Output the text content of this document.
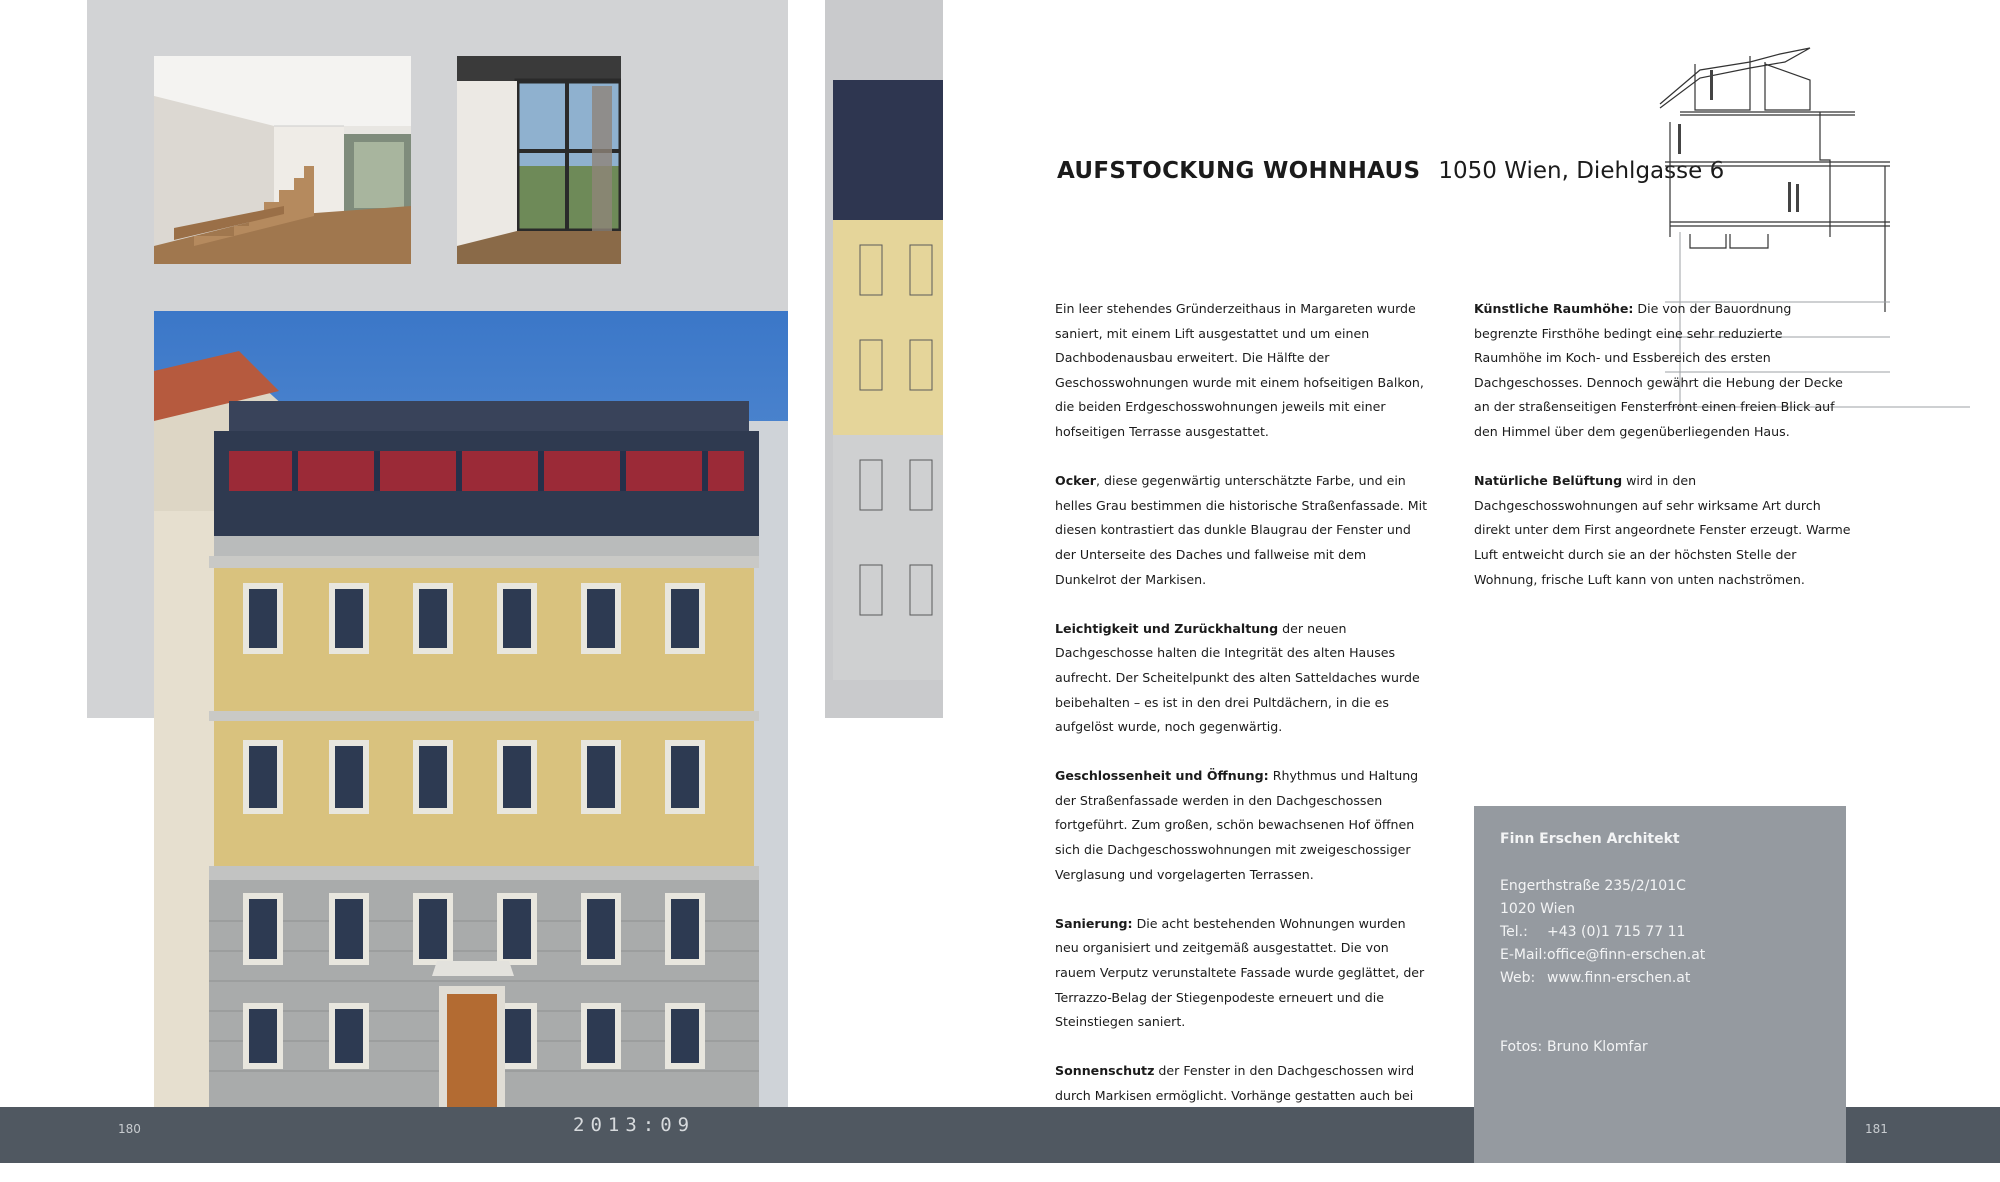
AUFSTOCKUNG WOHNHAUS 1050 Wien, Diehlgasse 6

Ein leer stehendes Gründerzeithaus in Margareten wurde saniert, mit einem Lift ausgestattet und um einen Dachbodenausbau erweitert. Die Hälfte der Geschosswohnungen wurde mit einem hofseitigen Balkon, die beiden Erdgeschosswohnungen jeweils mit einer hofseitigen Terrasse ausgestattet.

Ocker, diese gegenwärtig unterschätzte Farbe, und ein helles Grau bestimmen die historische Straßenfassade. Mit diesen kontrastiert das dunkle Blaugrau der Fenster und der Unterseite des Daches und fallweise mit dem Dunkelrot der Markisen.

Leichtigkeit und Zurückhaltung der neuen Dachgeschosse halten die Integrität des alten Hauses aufrecht. Der Scheitelpunkt des alten Satteldaches wurde beibehalten – es ist in den drei Pultdächern, in die es aufgelöst wurde, noch gegenwärtig.

Geschlossenheit und Öffnung: Rhythmus und Haltung der Straßenfassade werden in den Dachgeschossen fortgeführt. Zum großen, schön bewachsenen Hof öffnen sich die Dachgeschosswohnungen mit zweigeschossiger Verglasung und vorgelagerten Terrassen.

Sanierung: Die acht bestehenden Wohnungen wurden neu organisiert und zeitgemäß ausgestattet. Die von rauem Verputz verunstaltete Fassade wurde geglättet, der Terrazzo-Belag der Stiegenpodeste erneuert und die Steinstiegen saniert.

Sonnenschutz der Fenster in den Dachgeschossen wird durch Markisen ermöglicht. Vorhänge gestatten auch bei

Künstliche Raumhöhe: Die von der Bauordnung begrenzte Firsthöhe bedingt eine sehr reduzierte Raumhöhe im Koch- und Essbereich des ersten Dachgeschosses. Dennoch gewährt die Hebung der Decke an der straßenseitigen Fensterfront einen freien Blick auf den Himmel über dem gegenüberliegenden Haus.

Natürliche Belüftung wird in den Dachgeschosswohnungen auf sehr wirksame Art durch direkt unter dem First angeordnete Fenster erzeugt. Warme Luft entweicht durch sie an der höchsten Stelle der Wohnung, frische Luft kann von unten nachströmen.

Finn Erschen Architekt
Engerthstraße 235/2/101C
1020 Wien
Tel.: +43 (0)1 715 77 11
E-Mail:office@finn-erschen.at
Web: www.finn-erschen.at
Fotos: Bruno Klomfar
180	2013:09	181
